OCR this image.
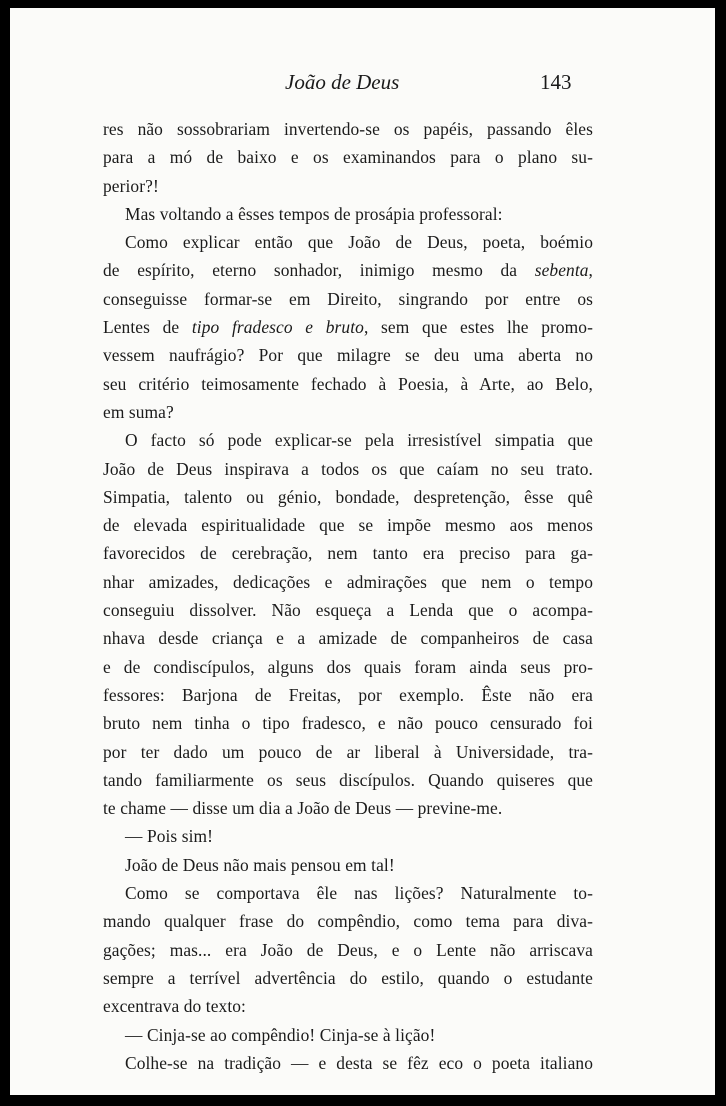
João de Deus	143
res não sossobrariam invertendo-se os papéis, passando êles
para a mó de baixo e os examinandos para o plano su-
perior?!
Mas voltando a êsses tempos de prosápia professoral:
Como explicar então que João de Deus, poeta, boémio
de espírito, eterno sonhador, inimigo mesmo da sebenta,
conseguisse formar-se em Direito, singrando por entre os
Lentes de tipo fradesco e bruto, sem que estes lhe promo-
vessem naufrágio? Por que milagre se deu uma aberta no
seu critério teimosamente fechado à Poesia, à Arte, ao Belo,
em suma?
O facto só pode explicar-se pela irresistível simpatia que
João de Deus inspirava a todos os que caíam no seu trato.
Simpatia, talento ou génio, bondade, despretenção, êsse quê
de elevada espiritualidade que se impõe mesmo aos menos
favorecidos de cerebração, nem tanto era preciso para ga-
nhar amizades, dedicações e admirações que nem o tempo
conseguiu dissolver. Não esqueça a Lenda que o acompa-
nhava desde criança e a amizade de companheiros de casa
e de condiscípulos, alguns dos quais foram ainda seus pro-
fessores: Barjona de Freitas, por exemplo. Êste não era
bruto nem tinha o tipo fradesco, e não pouco censurado foi
por ter dado um pouco de ar liberal à Universidade, tra-
tando familiarmente os seus discípulos. Quando quiseres que
te chame — disse um dia a João de Deus — previne-me.
— Pois sim!
João de Deus não mais pensou em tal!
Como se comportava êle nas lições? Naturalmente to-
mando qualquer frase do compêndio, como tema para diva-
gações; mas... era João de Deus, e o Lente não arriscava
sempre a terrível advertência do estilo, quando o estudante
excentrava do texto:
— Cinja-se ao compêndio! Cinja-se à lição!
Colhe-se na tradição — e desta se fêz eco o poeta italiano
